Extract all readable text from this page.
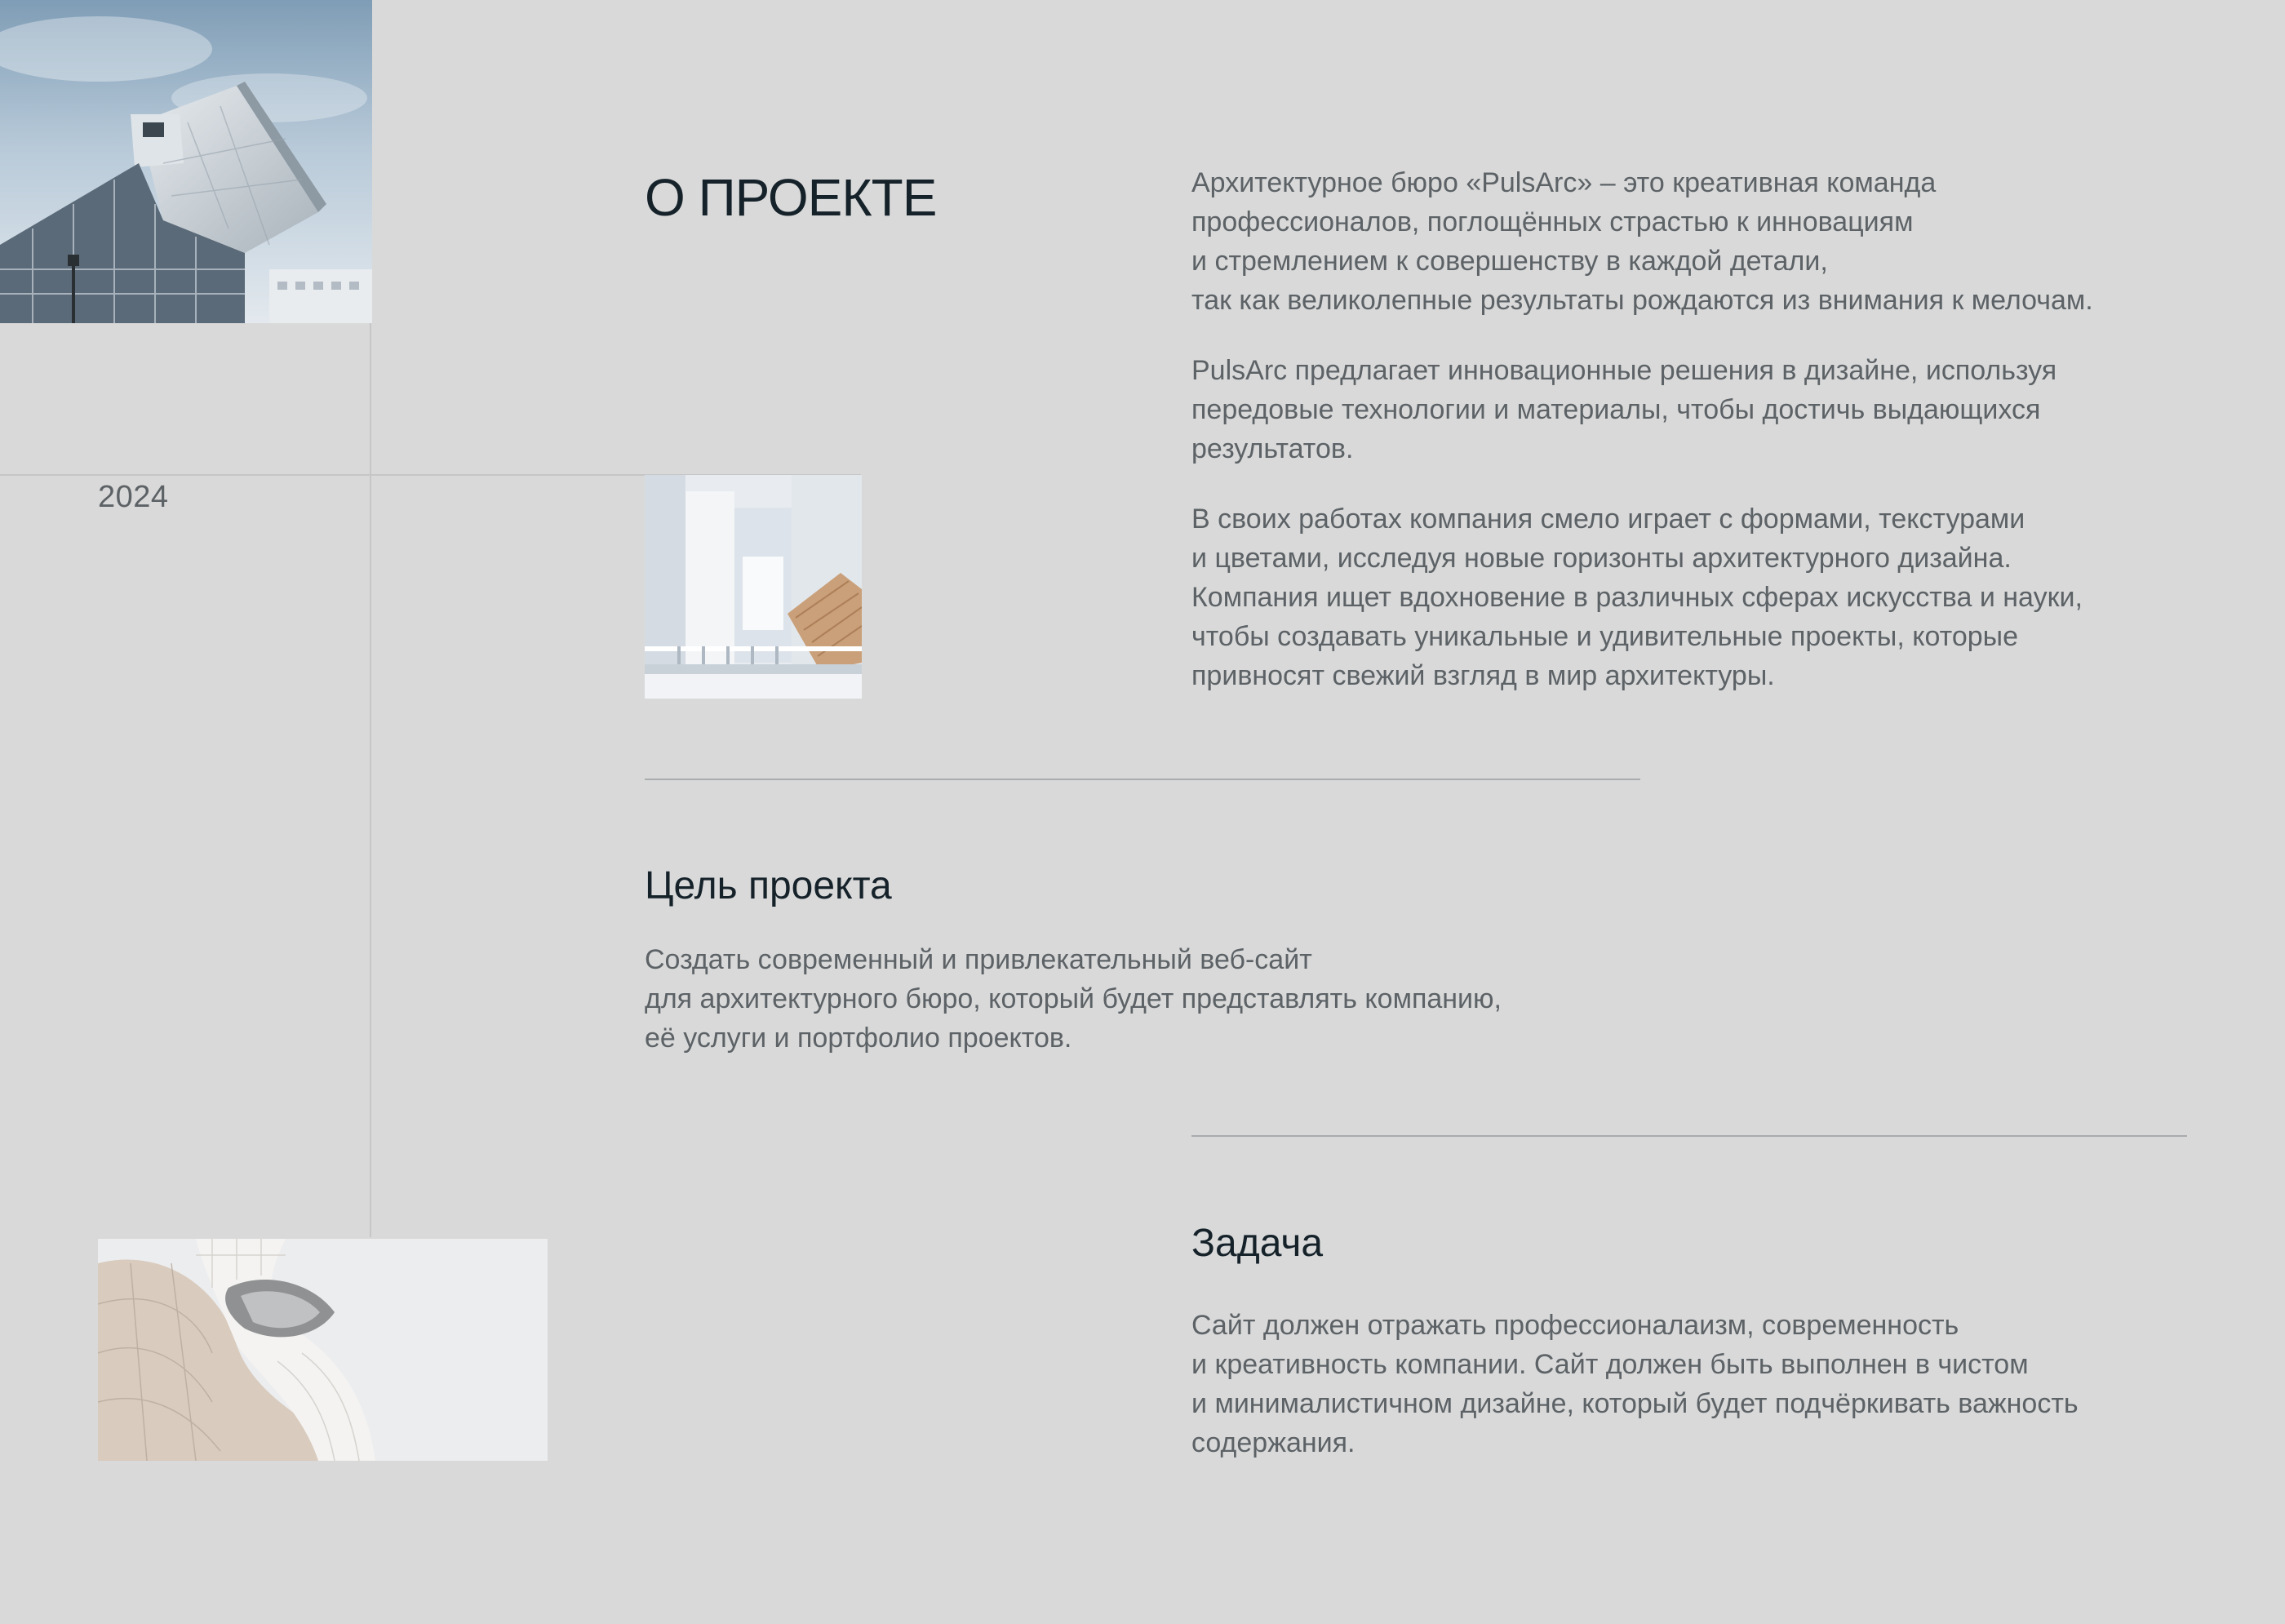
2024
О ПРОЕКТЕ	Архитектурное бюро «PulsArc» – это креативная команда
профессионалов, поглощённых страстью к инновациям
и стремлением к совершенству в каждой детали,
так как великолепные результаты рождаются из внимания к мелочам.

PulsArc предлагает инновационные решения в дизайне, используя
передовые технологии и материалы, чтобы достичь выдающихся
результатов.

В своих работах компания смело играет с формами, текстурами
и цветами, исследуя новые горизонты архитектурного дизайна.
Компания ищет вдохновение в различных сферах искусства и науки,
чтобы создавать уникальные и удивительные проекты, которые
привносят свежий взгляд в мир архитектуры.

Цель проекта

Создать современный и привлекательный веб-сайт
для архитектурного бюро, который будет представлять компанию,
её услуги и портфолио проектов.

Задача

Сайт должен отражать профессионалаизм, современность
и креативность компании. Сайт должен быть выполнен в чистом
и минималистичном дизайне, который будет подчёркивать важность
содержания.
